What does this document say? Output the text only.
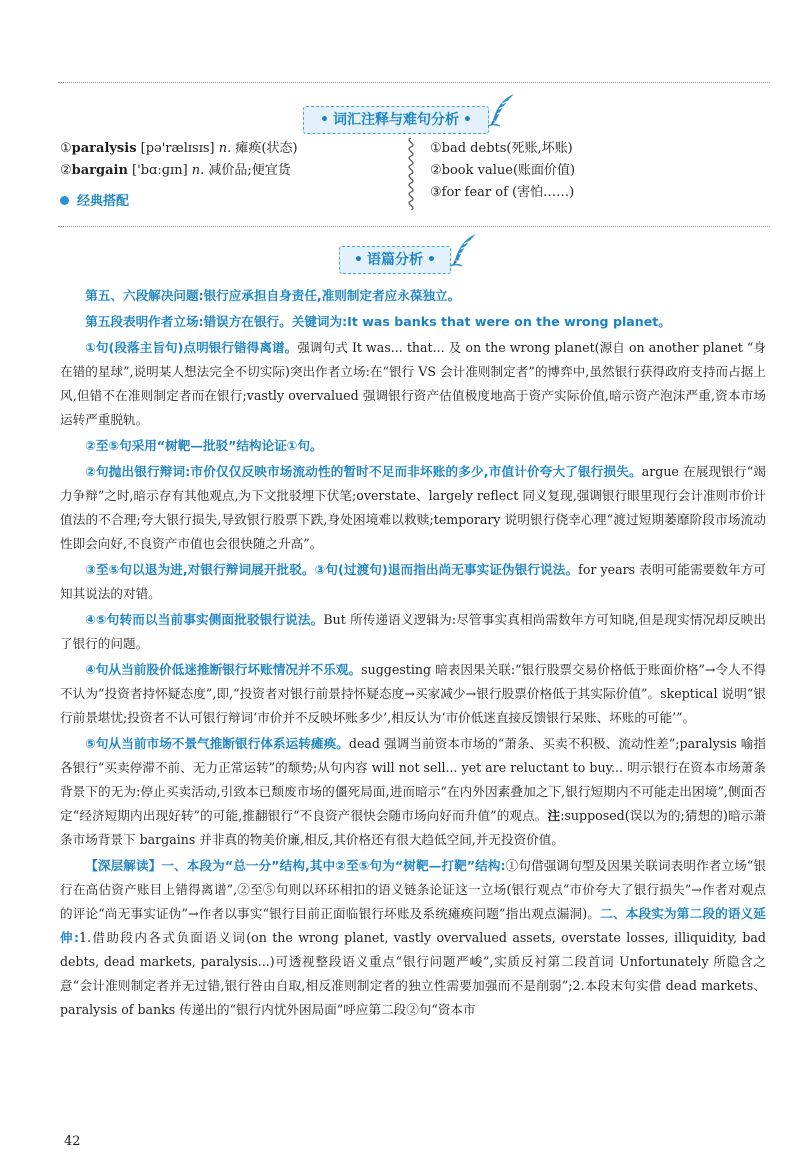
• 词汇注释与难句分析 •
①paralysis [pə'rælɪsɪs] n. 瘫痪(状态)
②bargain ['bɑːɡɪn] n. 减价品;便宜货
①bad debts(死账,坏账)
②book value(账面价值)
③for fear of (害怕……)
经典搭配
• 语篇分析 •

第五、六段解决问题:银行应承担自身责任,准则制定者应永葆独立。

第五段表明作者立场:错误方在银行。关键词为:It was banks that were on the wrong planet。

①句(段落主旨句)点明银行错得离谱。强调句式 It was... that... 及 on the wrong planet(源自 on another planet “身在错的星球”,说明某人想法完全不切实际)突出作者立场:在“银行 VS 会计准则制定者”的博弈中,虽然银行获得政府支持而占据上风,但错不在准则制定者而在银行;vastly overvalued 强调银行资产估值极度地高于资产实际价值,暗示资产泡沫严重,资本市场运转严重脱轨。

②至⑤句采用“树靶—批驳”结构论证①句。

②句抛出银行辩词:市价仅仅反映市场流动性的暂时不足而非坏账的多少,市值计价夸大了银行损失。argue 在展现银行“竭力争辩”之时,暗示存有其他观点,为下文批驳埋下伏笔;overstate、largely reflect 同义复现,强调银行眼里现行会计准则市价计值法的不合理;夸大银行损失,导致银行股票下跌,身处困境难以救赎;temporary 说明银行侥幸心理“渡过短期萎靡阶段市场流动性即会向好,不良资产市值也会很快随之升高”。

③至⑤句以退为进,对银行辩词展开批驳。③句(过渡句)退而指出尚无事实证伪银行说法。for years 表明可能需要数年方可知其说法的对错。

④⑤句转而以当前事实侧面批驳银行说法。But 所传递语义逻辑为:尽管事实真相尚需数年方可知晓,但是现实情况却反映出了银行的问题。

④句从当前股价低迷推断银行坏账情况并不乐观。suggesting 暗表因果关联:“银行股票交易价格低于账面价格”→令人不得不认为“投资者持怀疑态度”,即,“投资者对银行前景持怀疑态度→买家减少→银行股票价格低于其实际价值”。skeptical 说明“银行前景堪忧;投资者不认可银行辩词‘市价并不反映坏账多少’,相反认为‘市价低迷直接反馈银行呆账、坏账的可能’”。

⑤句从当前市场不景气推断银行体系运转瘫痪。dead 强调当前资本市场的“萧条、买卖不积极、流动性差”;paralysis 喻指各银行“买卖停滞不前、无力正常运转”的颓势;从句内容 will not sell... yet are reluctant to buy... 明示银行在资本市场萧条背景下的无为:停止买卖活动,引致本已颓废市场的僵死局面,进而暗示“在内外因素叠加之下,银行短期内不可能走出困境”,侧面否定“经济短期内出现好转”的可能,推翻银行“不良资产很快会随市场向好而升值”的观点。注:supposed(误以为的;猜想的)暗示萧条市场背景下 bargains 并非真的物美价廉,相反,其价格还有很大趋低空间,并无投资价值。

【深层解读】一、本段为“总一分”结构,其中②至⑤句为“树靶—打靶”结构:①句借强调句型及因果关联词表明作者立场“银行在高估资产账目上错得离谱”,②至⑤句则以环环相扣的语义链条论证这一立场(银行观点“市价夸大了银行损失”→作者对观点的评论“尚无事实证伪”→作者以事实“银行目前正面临银行坏账及系统瘫痪问题”指出观点漏洞)。二、本段实为第二段的语义延伸:1.借助段内各式负面语义词(on the wrong planet, vastly overvalued assets, overstate losses, illiquidity, bad debts, dead markets, paralysis...)可透视整段语义重点“银行问题严峻”,实质反衬第二段首词 Unfortunately 所隐含之意“会计准则制定者并无过错,银行咎由自取,相反准则制定者的独立性需要加强而不是削弱”;2.本段末句实借 dead markets、paralysis of banks 传递出的“银行内忧外困局面”呼应第二段②句“资本市

42
